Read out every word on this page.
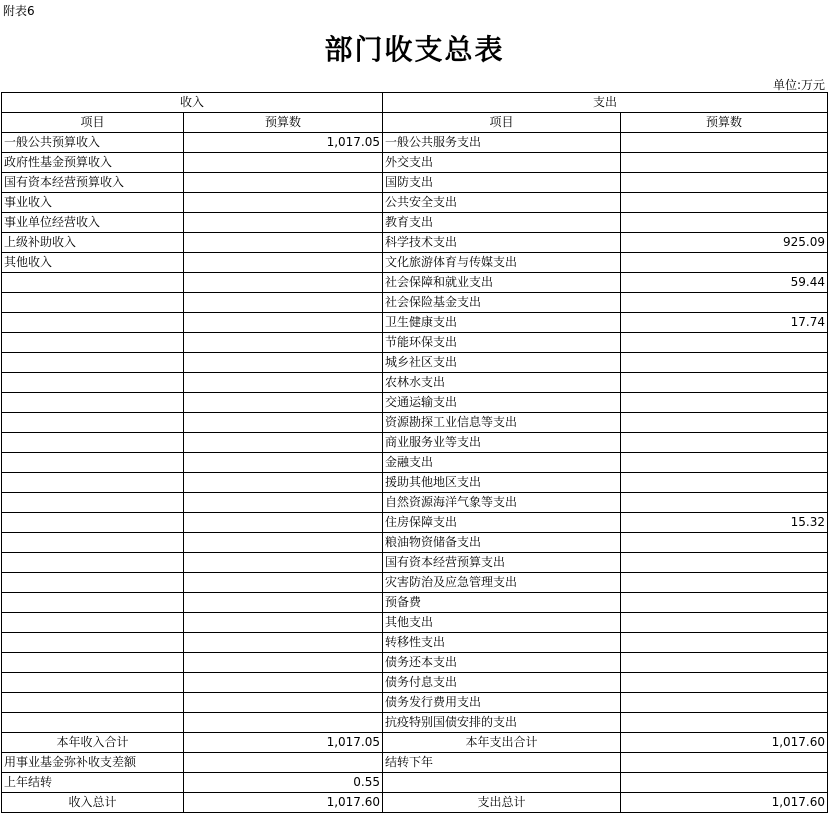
附表6
部门收支总表
单位:万元
收入		支出	
项目	预算数	项目	预算数
一般公共预算收入	1,017.05	一般公共服务支出	
政府性基金预算收入		外交支出	
国有资本经营预算收入		国防支出	
事业收入		公共安全支出	
事业单位经营收入		教育支出	
上级补助收入		科学技术支出	925.09
其他收入		文化旅游体育与传媒支出	
		社会保障和就业支出	59.44
		社会保险基金支出	
		卫生健康支出	17.74
		节能环保支出	
		城乡社区支出	
		农林水支出	
		交通运输支出	
		资源勘探工业信息等支出	
		商业服务业等支出	
		金融支出	
		援助其他地区支出	
		自然资源海洋气象等支出	
		住房保障支出	15.32
		粮油物资储备支出	
		国有资本经营预算支出	
		灾害防治及应急管理支出	
		预备费	
		其他支出	
		转移性支出	
		债务还本支出	
		债务付息支出	
		债务发行费用支出	
		抗疫特别国债安排的支出	
本年收入合计	1,017.05	本年支出合计	1,017.60
用事业基金弥补收支差额		结转下年	
上年结转	0.55		
收入总计	1,017.60	支出总计	1,017.60
